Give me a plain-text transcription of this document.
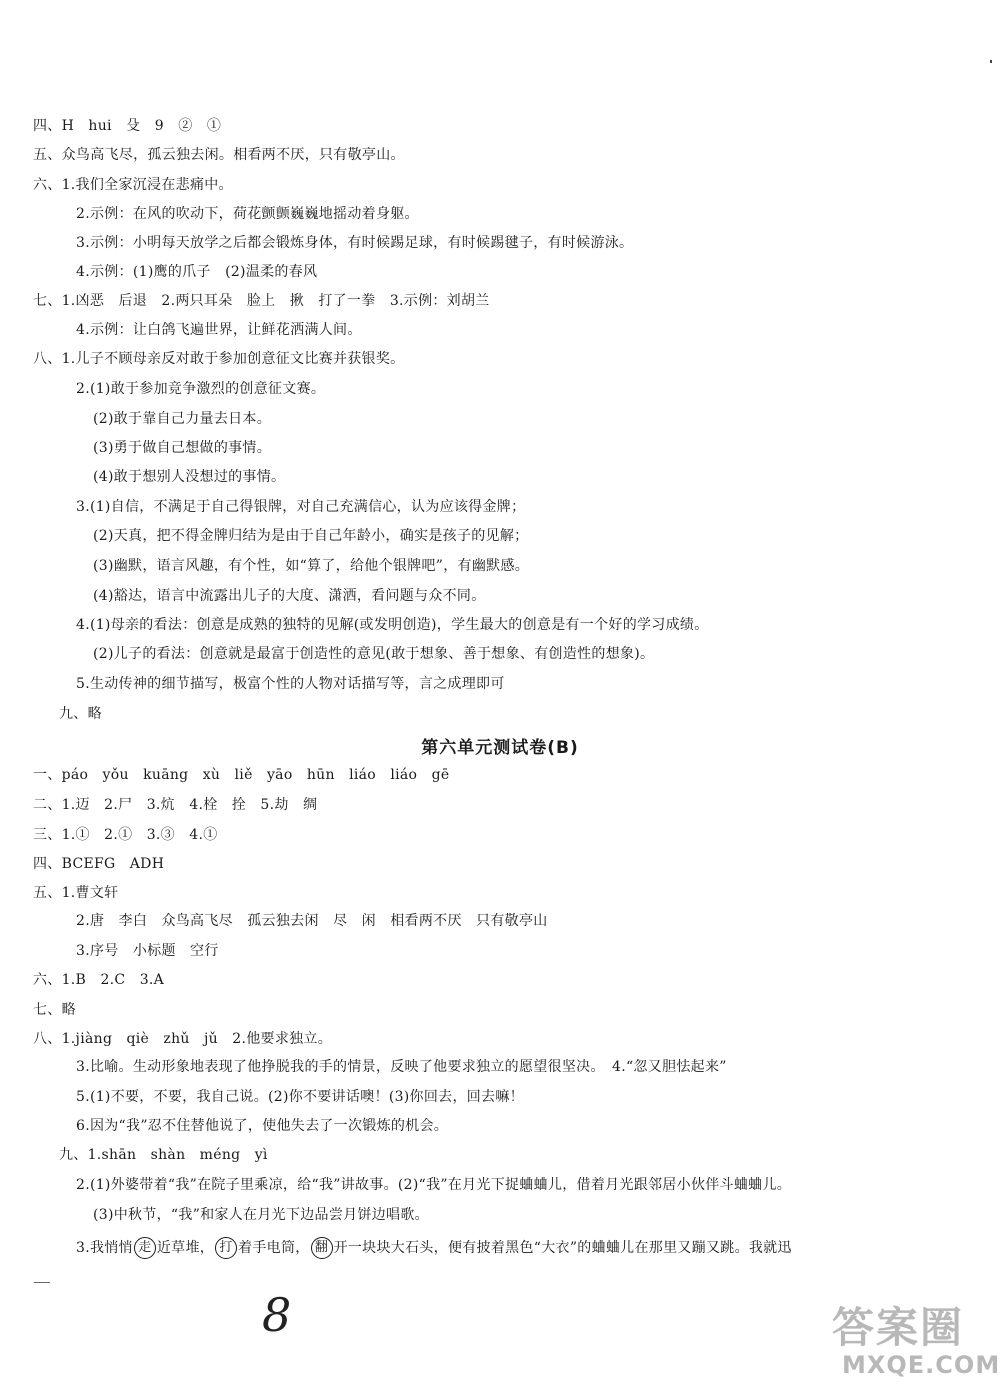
四、H　hui　殳　9　②　①
五、众鸟高飞尽，孤云独去闲。相看两不厌，只有敬亭山。
六、1.我们全家沉浸在悲痛中。
2.示例：在风的吹动下，荷花颤颤巍巍地摇动着身躯。
3.示例：小明每天放学之后都会锻炼身体，有时候踢足球，有时候踢毽子，有时候游泳。
4.示例：(1)鹰的爪子　(2)温柔的春风
七、1.凶恶　后退　2.两只耳朵　脸上　揪　打了一拳　3.示例：刘胡兰
4.示例：让白鸽飞遍世界，让鲜花洒满人间。
八、1.儿子不顾母亲反对敢于参加创意征文比赛并获银奖。
2.(1)敢于参加竞争激烈的创意征文赛。
(2)敢于靠自己力量去日本。
(3)勇于做自己想做的事情。
(4)敢于想别人没想过的事情。
3.(1)自信，不满足于自己得银牌，对自己充满信心，认为应该得金牌；
(2)天真，把不得金牌归结为是由于自己年龄小，确实是孩子的见解；
(3)幽默，语言风趣，有个性，如“算了，给他个银牌吧”，有幽默感。
(4)豁达，语言中流露出儿子的大度、潇洒，看问题与众不同。
4.(1)母亲的看法：创意是成熟的独特的见解(或发明创造)，学生最大的创意是有一个好的学习成绩。
(2)儿子的看法：创意就是最富于创造性的意见(敢于想象、善于想象、有创造性的想象)。
5.生动传神的细节描写，极富个性的人物对话描写等，言之成理即可
九、略
第六单元测试卷(B)
一、páo　yǒu　kuāng　xù　liě　yāo　hūn　liáo　liáo　gē
二、1.迈　2.尸　3.炕　4.栓　拴　5.劫　绸
三、1.①　2.①　3.③　4.①
四、BCEFG　ADH
五、1.曹文轩
2.唐　李白　众鸟高飞尽　孤云独去闲　尽　闲　相看两不厌　只有敬亭山
3.序号　小标题　空行
六、1.B　2.C　3.A
七、略
八、1.jiàng　qiè　zhǔ　jǔ　2.他要求独立。
3.比喻。生动形象地表现了他挣脱我的手的情景，反映了他要求独立的愿望很坚决。　4.“忽又胆怯起来”
5.(1)不要，不要，我自己说。(2)你不要讲话噢！(3)你回去，回去嘛！
6.因为“我”忍不住替他说了，使他失去了一次锻炼的机会。
九、1.shān　shàn　méng　yì
2.(1)外婆带着“我”在院子里乘凉，给“我”讲故事。(2)“我”在月光下捉蛐蛐儿，借着月光跟邻居小伙伴斗蛐蛐儿。
(3)中秋节，“我”和家人在月光下边品尝月饼边唱歌。
3.我悄悄 走 近草堆， 打 着手电筒， 翻 开一块块大石头，便有披着黑色“大衣”的蛐蛐儿在那里又蹦又跳。我就迅
8	答案圈
MXQE.COM
